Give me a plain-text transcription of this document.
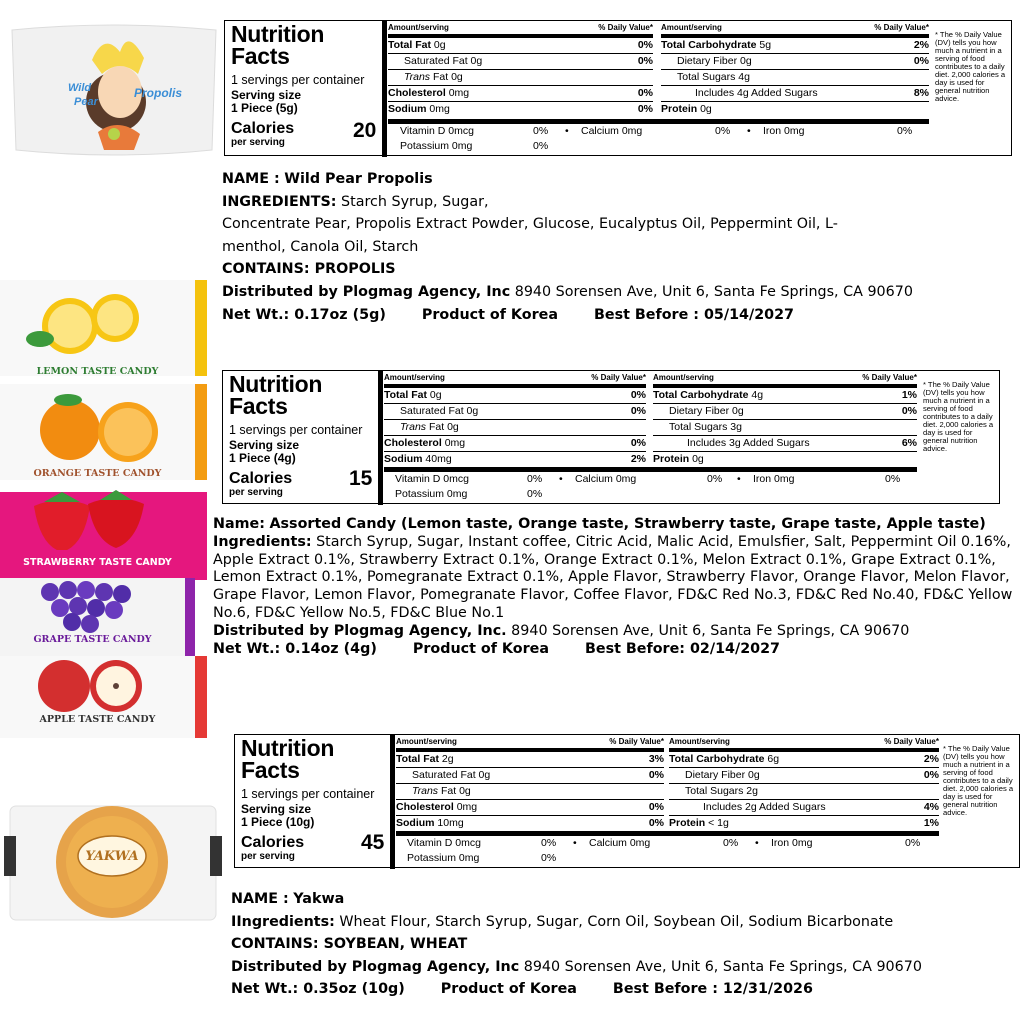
Wild
Pear
Propolis
Nutrition Facts
1 servings per container
Serving size
1 Piece (5g)
Calories
per serving
20
Amount/serving	% Daily Value*
Total Fat 0g	0%
Saturated Fat 0g	0%
Trans Fat 0g
Cholesterol 0mg	0%
Sodium 0mg	0%
Amount/serving	% Daily Value*
Total Carbohydrate 5g	2%
Dietary Fiber 0g	0%
Total Sugars 4g
Includes 4g Added Sugars	8%
Protein 0g
Vitamin D 0mcg	0% • Calcium 0mg	0% • Iron 0mg	0%
Potassium 0mg	0%
* The % Daily Value (DV) tells you how much a nutrient in a serving of food contributes to a daily diet. 2,000 calories a day is used for general nutrition advice.
NAME : Wild Pear Propolis
INGREDIENTS: Starch Syrup, Sugar,
Concentrate Pear, Propolis Extract Powder, Glucose, Eucalyptus Oil, Peppermint Oil, L-
menthol, Canola Oil, Starch
CONTAINS: PROPOLIS
Distributed by Plogmag Agency, Inc 8940 Sorensen Ave, Unit 6, Santa Fe Springs, CA 90670
Net Wt.: 0.17oz (5g)	Product of Korea	Best Before : 05/14/2027
LEMON TASTE CANDY
ORANGE TASTE CANDY
STRAWBERRY TASTE CANDY
GRAPE TASTE CANDY
APPLE TASTE CANDY
Nutrition Facts
1 servings per container
Serving size
1 Piece (4g)
Calories
per serving
15
Amount/serving	% Daily Value*
Total Fat 0g	0%
Saturated Fat 0g	0%
Trans Fat 0g
Cholesterol 0mg	0%
Sodium 40mg	2%
Amount/serving	% Daily Value*
Total Carbohydrate 4g	1%
Dietary Fiber 0g	0%
Total Sugars 3g
Includes 3g Added Sugars	6%
Protein 0g
Vitamin D 0mcg	0% • Calcium 0mg	0% • Iron 0mg	0%
Potassium 0mg	0%
* The % Daily Value (DV) tells you how much a nutrient in a serving of food contributes to a daily diet. 2,000 calories a day is used for general nutrition advice.
Name: Assorted Candy (Lemon taste, Orange taste, Strawberry taste, Grape taste, Apple taste)
Ingredients: Starch Syrup, Sugar, Instant coffee, Citric Acid, Malic Acid, Emulsfier, Salt, Peppermint Oil 0.16%, Apple Extract 0.1%, Strawberry Extract 0.1%, Orange Extract 0.1%, Melon Extract 0.1%, Grape Extract 0.1%, Lemon Extract 0.1%, Pomegranate Extract 0.1%, Apple Flavor, Strawberry Flavor, Orange Flavor, Melon Flavor, Grape Flavor, Lemon Flavor, Pomegranate Flavor, Coffee Flavor, FD&C Red No.3, FD&C Red No.40, FD&C Yellow No.6, FD&C Yellow No.5, FD&C Blue No.1
Distributed by Plogmag Agency, Inc. 8940 Sorensen Ave, Unit 6, Santa Fe Springs, CA 90670
Net Wt.: 0.14oz (4g)	Product of Korea	Best Before: 02/14/2027
YAKWA
Nutrition Facts
1 servings per container
Serving size
1 Piece (10g)
Calories
per serving
45
Amount/serving	% Daily Value*
Total Fat 2g	3%
Saturated Fat 0g	0%
Trans Fat 0g
Cholesterol 0mg	0%
Sodium 10mg	0%
Amount/serving	% Daily Value*
Total Carbohydrate 6g	2%
Dietary Fiber 0g	0%
Total Sugars 2g
Includes 2g Added Sugars	4%
Protein < 1g	1%
Vitamin D 0mcg	0% • Calcium 0mg	0% • Iron 0mg	0%
Potassium 0mg	0%
* The % Daily Value (DV) tells you how much a nutrient in a serving of food contributes to a daily diet. 2,000 calories a day is used for general nutrition advice.
NAME : Yakwa
IIngredients: Wheat Flour, Starch Syrup, Sugar, Corn Oil, Soybean Oil, Sodium Bicarbonate
CONTAINS: SOYBEAN, WHEAT
Distributed by Plogmag Agency, Inc 8940 Sorensen Ave, Unit 6, Santa Fe Springs, CA 90670
Net Wt.: 0.35oz (10g)	Product of Korea	Best Before : 12/31/2026
